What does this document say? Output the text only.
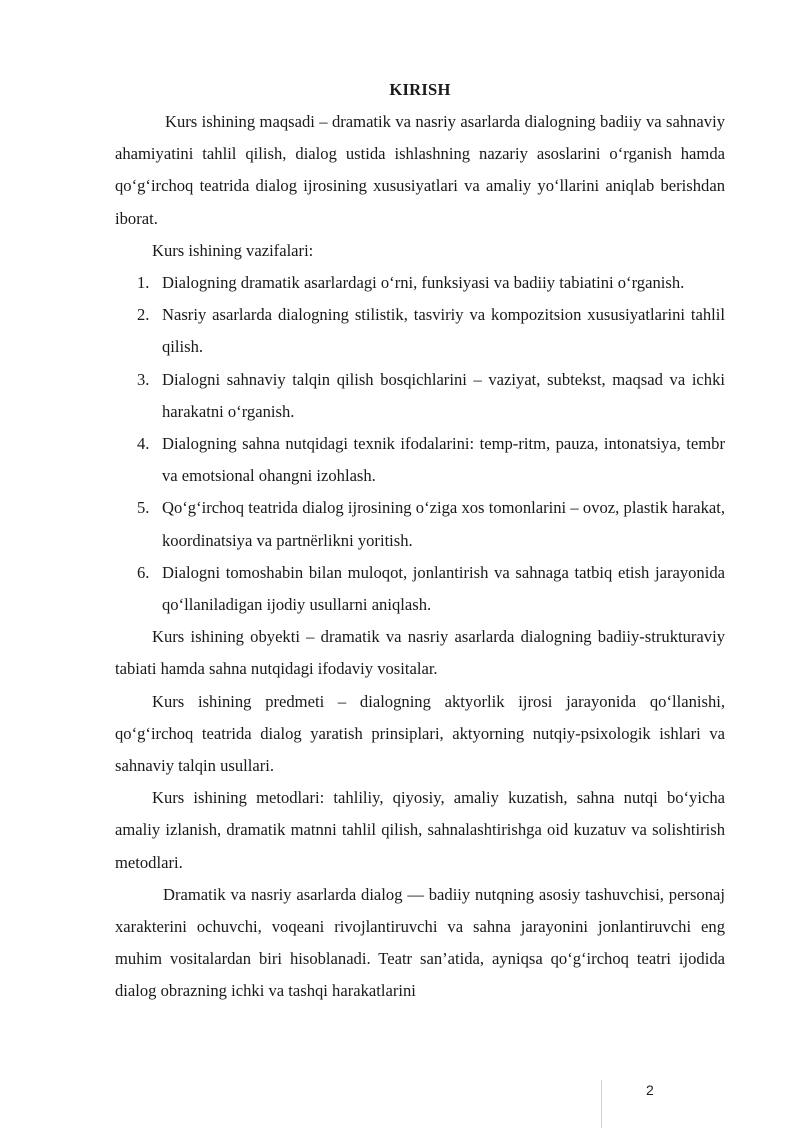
KIRISH

Kurs ishining maqsadi – dramatik va nasriy asarlarda dialogning badiiy va sahnaviy ahamiyatini tahlil qilish, dialog ustida ishlashning nazariy asoslarini o‘rganish hamda qo‘g‘irchoq teatrida dialog ijrosining xususiyatlari va amaliy yo‘llarini aniqlab berishdan iborat.

Kurs ishining vazifalari:

1. Dialogning dramatik asarlardagi o‘rni, funksiyasi va badiiy tabiatini o‘rganish.
2. Nasriy asarlarda dialogning stilistik, tasviriy va kompozitsion xususiyatlarini tahlil qilish.
3. Dialogni sahnaviy talqin qilish bosqichlarini – vaziyat, subtekst, maqsad va ichki harakatni o‘rganish.
4. Dialogning sahna nutqidagi texnik ifodalarini: temp-ritm, pauza, intonatsiya, tembr va emotsional ohangni izohlash.
5. Qo‘g‘irchoq teatrida dialog ijrosining o‘ziga xos tomonlarini – ovoz, plastik harakat, koordinatsiya va partnërlikni yoritish.
6. Dialogni tomoshabin bilan muloqot, jonlantirish va sahnaga tatbiq etish jarayonida qo‘llaniladigan ijodiy usullarni aniqlash.

Kurs ishining obyekti – dramatik va nasriy asarlarda dialogning badiiy-strukturaviy tabiati hamda sahna nutqidagi ifodaviy vositalar.

Kurs ishining predmeti – dialogning aktyorlik ijrosi jarayonida qo‘llanishi, qo‘g‘irchoq teatrida dialog yaratish prinsiplari, aktyorning nutqiy-psixologik ishlari va sahnaviy talqin usullari.

Kurs ishining metodlari: tahliliy, qiyosiy, amaliy kuzatish, sahna nutqi bo‘yicha amaliy izlanish, dramatik matnni tahlil qilish, sahnalashtirishga oid kuzatuv va solishtirish metodlari.

Dramatik va nasriy asarlarda dialog — badiiy nutqning asosiy tashuvchisi, personaj xarakterini ochuvchi, voqeani rivojlantiruvchi va sahna jarayonini jonlantiruvchi eng muhim vositalardan biri hisoblanadi. Teatr san’atida, ayniqsa qo‘g‘irchoq teatri ijodida dialog obrazning ichki va tashqi harakatlarini

2
